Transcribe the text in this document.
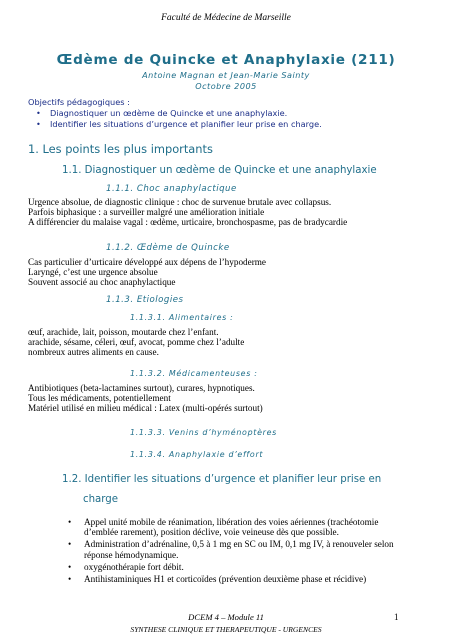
Faculté de Médecine de Marseille
Œdème de Quincke et Anaphylaxie (211)
Antoine Magnan et Jean-Marie Sainty
Octobre 2005
Objectifs pédagogiques :
• Diagnostiquer un œdème de Quincke et une anaphylaxie.
• Identifier les situations d’urgence et planifier leur prise en charge.
1. Les points les plus importants
1.1. Diagnostiquer un œdème de Quincke et une anaphylaxie
1.1.1. Choc anaphylactique
Urgence absolue, de diagnostic clinique : choc de survenue brutale avec collapsus.
Parfois biphasique : a surveiller malgré une amélioration initiale
A différencier du malaise vagal : œdème, urticaire, bronchospasme, pas de bradycardie
1.1.2. Œdème de Quincke
Cas particulier d’urticaire développé aux dépens de l’hypoderme
Laryngé, c’est une urgence absolue
Souvent associé au choc anaphylactique
1.1.3. Etiologies
1.1.3.1. Alimentaires :
œuf, arachide, lait, poisson, moutarde chez l’enfant.
arachide, sésame, céleri, œuf, avocat, pomme chez l’adulte
nombreux autres aliments en cause.
1.1.3.2. Médicamenteuses :
Antibiotiques (beta-lactamines surtout), curares, hypnotiques.
Tous les médicaments, potentiellement
Matériel utilisé en milieu médical : Latex (multi-opérés surtout)
1.1.3.3. Venins d’hyménoptères
1.1.3.4. Anaphylaxie d’effort
1.2. Identifier les situations d’urgence et planifier leur prise en
charge
• Appel unité mobile de réanimation, libération des voies aériennes (trachéotomie d’emblée rarement), position déclive, voie veineuse dès que possible.
• Administration d’adrénaline, 0,5 à 1 mg en SC ou IM, 0,1 mg IV, à renouveler selon réponse hémodynamique.
• oxygénothérapie fort débit.
• Antihistaminiques H1 et corticoïdes (prévention deuxième phase et récidive)
DCEM 4 – Module 11
SYNTHESE CLINIQUE ET THERAPEUTIQUE - URGENCES
1
